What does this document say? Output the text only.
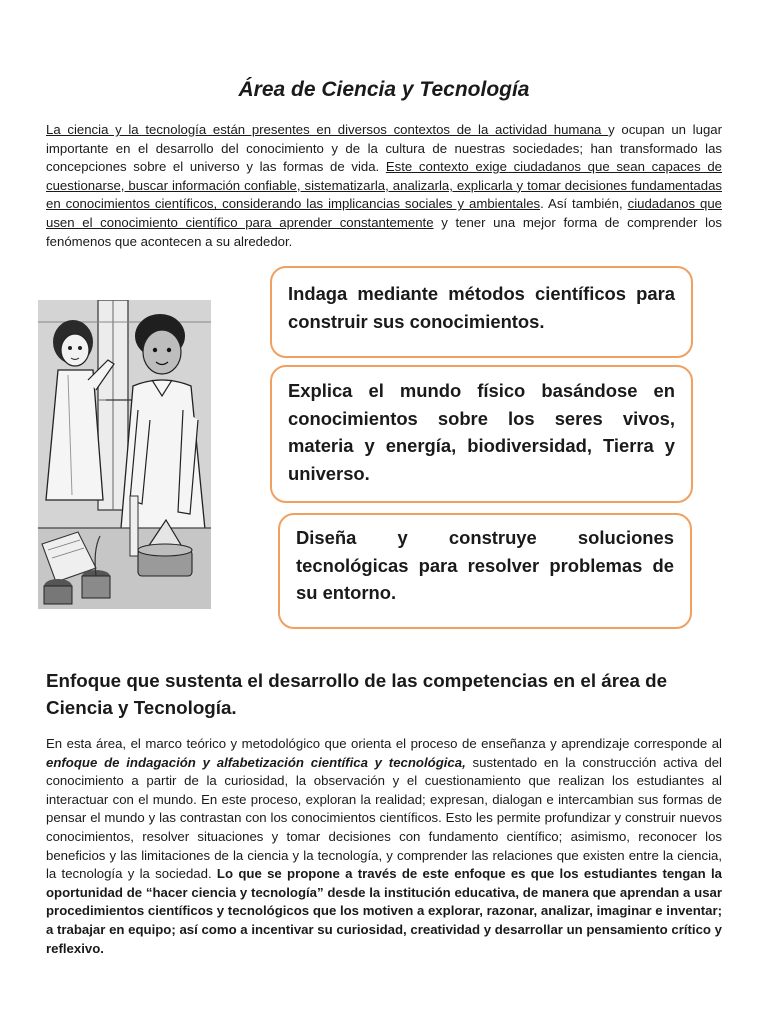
Área de Ciencia y Tecnología

La ciencia y la tecnología están presentes en diversos contextos de la actividad humana y ocupan un lugar importante en el desarrollo del conocimiento y de la cultura de nuestras sociedades; han transformado las concepciones sobre el universo y las formas de vida. Este contexto exige ciudadanos que sean capaces de cuestionarse, buscar información confiable, sistematizarla, analizarla, explicarla y tomar decisiones fundamentadas en conocimientos científicos, considerando las implicancias sociales y ambientales. Así también, ciudadanos que usen el conocimiento científico para aprender constantemente y tener una mejor forma de comprender los fenómenos que acontecen a su alrededor.

Indaga mediante métodos científicos para construir sus conocimientos.
Explica el mundo físico basándose en conocimientos sobre los seres vivos, materia y energía, biodiversidad, Tierra y universo.
Diseña y construye soluciones tecnológicas para resolver problemas de su entorno.
Enfoque que sustenta el desarrollo de las competencias en el área de Ciencia y Tecnología.

En esta área, el marco teórico y metodológico que orienta el proceso de enseñanza y aprendizaje corresponde al enfoque de indagación y alfabetización científica y tecnológica, sustentado en la construcción activa del conocimiento a partir de la curiosidad, la observación y el cuestionamiento que realizan los estudiantes al interactuar con el mundo. En este proceso, exploran la realidad; expresan, dialogan e intercambian sus formas de pensar el mundo y las contrastan con los conocimientos científicos. Esto les permite profundizar y construir nuevos conocimientos, resolver situaciones y tomar decisiones con fundamento científico; asimismo, reconocer los beneficios y las limitaciones de la ciencia y la tecnología, y comprender las relaciones que existen entre la ciencia, la tecnología y la sociedad. Lo que se propone a través de este enfoque es que los estudiantes tengan la oportunidad de “hacer ciencia y tecnología” desde la institución educativa, de manera que aprendan a usar procedimientos científicos y tecnológicos que los motiven a explorar, razonar, analizar, imaginar e inventar; a trabajar en equipo; así como a incentivar su curiosidad, creatividad y desarrollar un pensamiento crítico y reflexivo.
